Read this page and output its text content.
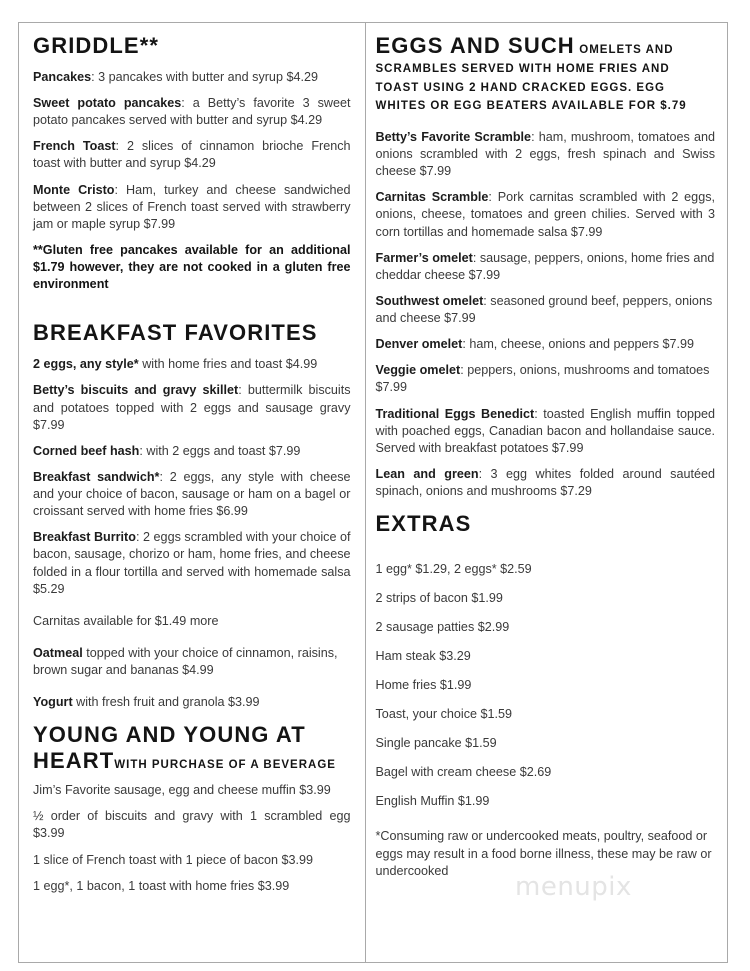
GRIDDLE**

Pancakes: 3 pancakes with butter and syrup $4.29

Sweet potato pancakes: a Betty’s favorite 3 sweet potato pancakes served with butter and syrup $4.29

French Toast: 2 slices of cinnamon brioche French toast with butter and syrup $4.29

Monte Cristo: Ham, turkey and cheese sandwiched between 2 slices of French toast served with strawberry jam or maple syrup $7.99

**Gluten free pancakes available for an additional $1.79 however, they are not cooked in a gluten free environment

BREAKFAST FAVORITES

2 eggs, any style* with home fries and toast $4.99

Betty’s biscuits and gravy skillet: buttermilk biscuits and potatoes topped with 2 eggs and sausage gravy $7.99

Corned beef hash: with 2 eggs and toast $7.99

Breakfast sandwich*: 2 eggs, any style with cheese and your choice of bacon, sausage or ham on a bagel or croissant served with home fries $6.99

Breakfast Burrito: 2 eggs scrambled with your choice of bacon, sausage, chorizo or ham, home fries, and cheese folded in a flour tortilla and served with homemade salsa $5.29

Carnitas available for $1.49 more

Oatmeal topped with your choice of cinnamon, raisins, brown sugar and bananas $4.99

Yogurt with fresh fruit and granola $3.99

YOUNG AND YOUNG AT HEARTWITH PURCHASE OF A BEVERAGE

Jim’s Favorite sausage, egg and cheese muffin $3.99

½ order of biscuits and gravy with 1 scrambled egg $3.99

1 slice of French toast with 1 piece of bacon $3.99

1 egg*, 1 bacon, 1 toast with home fries $3.99

EGGS AND SUCH OMELETS AND SCRAMBLES SERVED WITH HOME FRIES AND TOAST USING 2 HAND CRACKED EGGS. EGG WHITES OR EGG BEATERS AVAILABLE FOR $.79

Betty’s Favorite Scramble: ham, mushroom, tomatoes and onions scrambled with 2 eggs, fresh spinach and Swiss cheese $7.99

Carnitas Scramble: Pork carnitas scrambled with 2 eggs, onions, cheese, tomatoes and green chilies. Served with 3 corn tortillas and homemade salsa $7.99

Farmer’s omelet: sausage, peppers, onions, home fries and cheddar cheese $7.99

Southwest omelet: seasoned ground beef, peppers, onions and cheese $7.99

Denver omelet: ham, cheese, onions and peppers $7.99

Veggie omelet: peppers, onions, mushrooms and tomatoes $7.99

Traditional Eggs Benedict: toasted English muffin topped with poached eggs, Canadian bacon and hollandaise sauce. Served with breakfast potatoes $7.99

Lean and green: 3 egg whites folded around sautéed spinach, onions and mushrooms $7.29

EXTRAS

1 egg* $1.29, 2 eggs* $2.59

2 strips of bacon $1.99

2 sausage patties $2.99

Ham steak $3.29

Home fries $1.99

Toast, your choice $1.59

Single pancake $1.59

Bagel with cream cheese $2.69

English Muffin $1.99

*Consuming raw or undercooked meats, poultry, seafood or eggs may result in a food borne illness, these may be raw or undercooked

menupix
